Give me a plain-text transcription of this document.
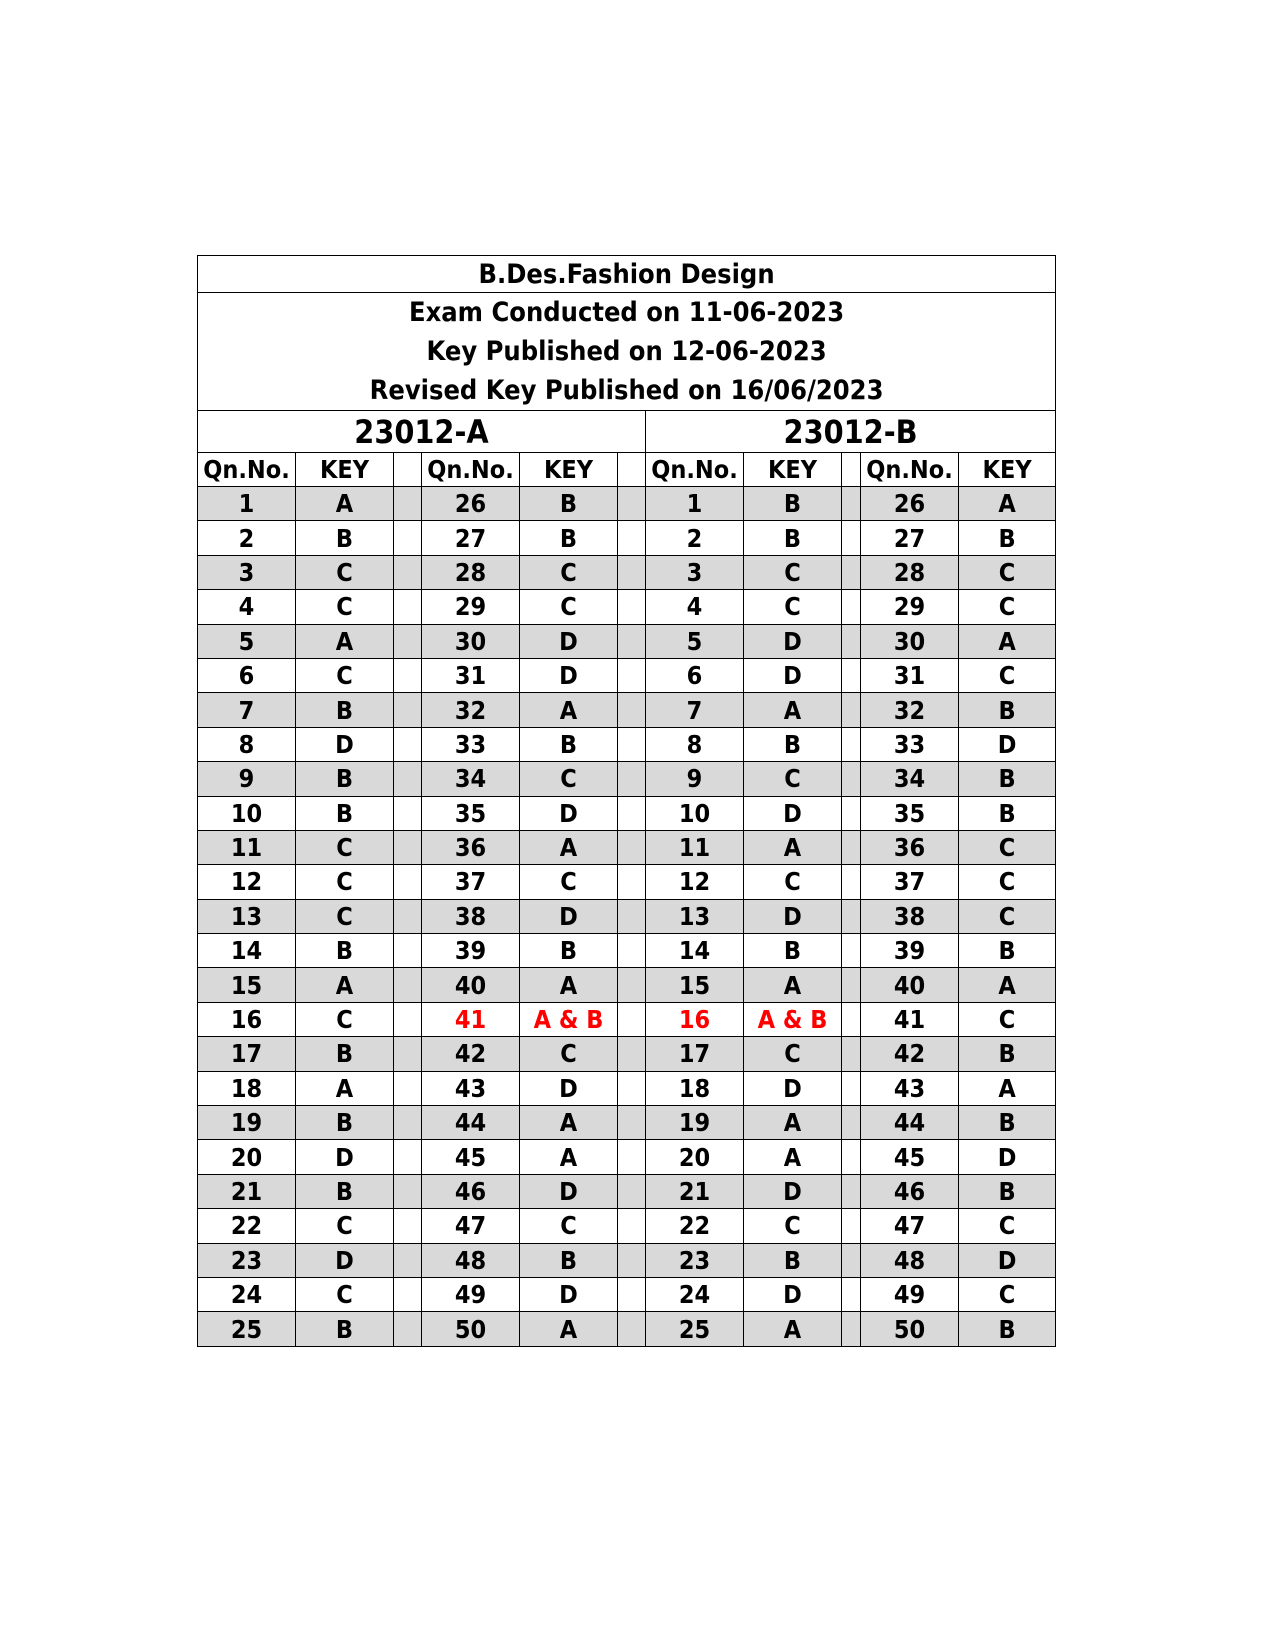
B.Des.Fashion Design										

Exam Conducted on 11-06-2023
Key Published on 12-06-2023
Revised Key Published on 16/06/2023										

23012-A						23012-B				
Qn.No.	KEY		Qn.No.	KEY		Qn.No.	KEY		Qn.No.	KEY
1	A		26	B		1	B		26	A
2	B		27	B		2	B		27	B
3	C		28	C		3	C		28	C
4	C		29	C		4	C		29	C
5	A		30	D		5	D		30	A
6	C		31	D		6	D		31	C
7	B		32	A		7	A		32	B
8	D		33	B		8	B		33	D
9	B		34	C		9	C		34	B
10	B		35	D		10	D		35	B
11	C		36	A		11	A		36	C
12	C		37	C		12	C		37	C
13	C		38	D		13	D		38	C
14	B		39	B		14	B		39	B
15	A		40	A		15	A		40	A
16	C		41	A & B		16	A & B		41	C
17	B		42	C		17	C		42	B
18	A		43	D		18	D		43	A
19	B		44	A		19	A		44	B
20	D		45	A		20	A		45	D
21	B		46	D		21	D		46	B
22	C		47	C		22	C		47	C
23	D		48	B		23	B		48	D
24	C		49	D		24	D		49	C
25	B		50	A		25	A		50	B
